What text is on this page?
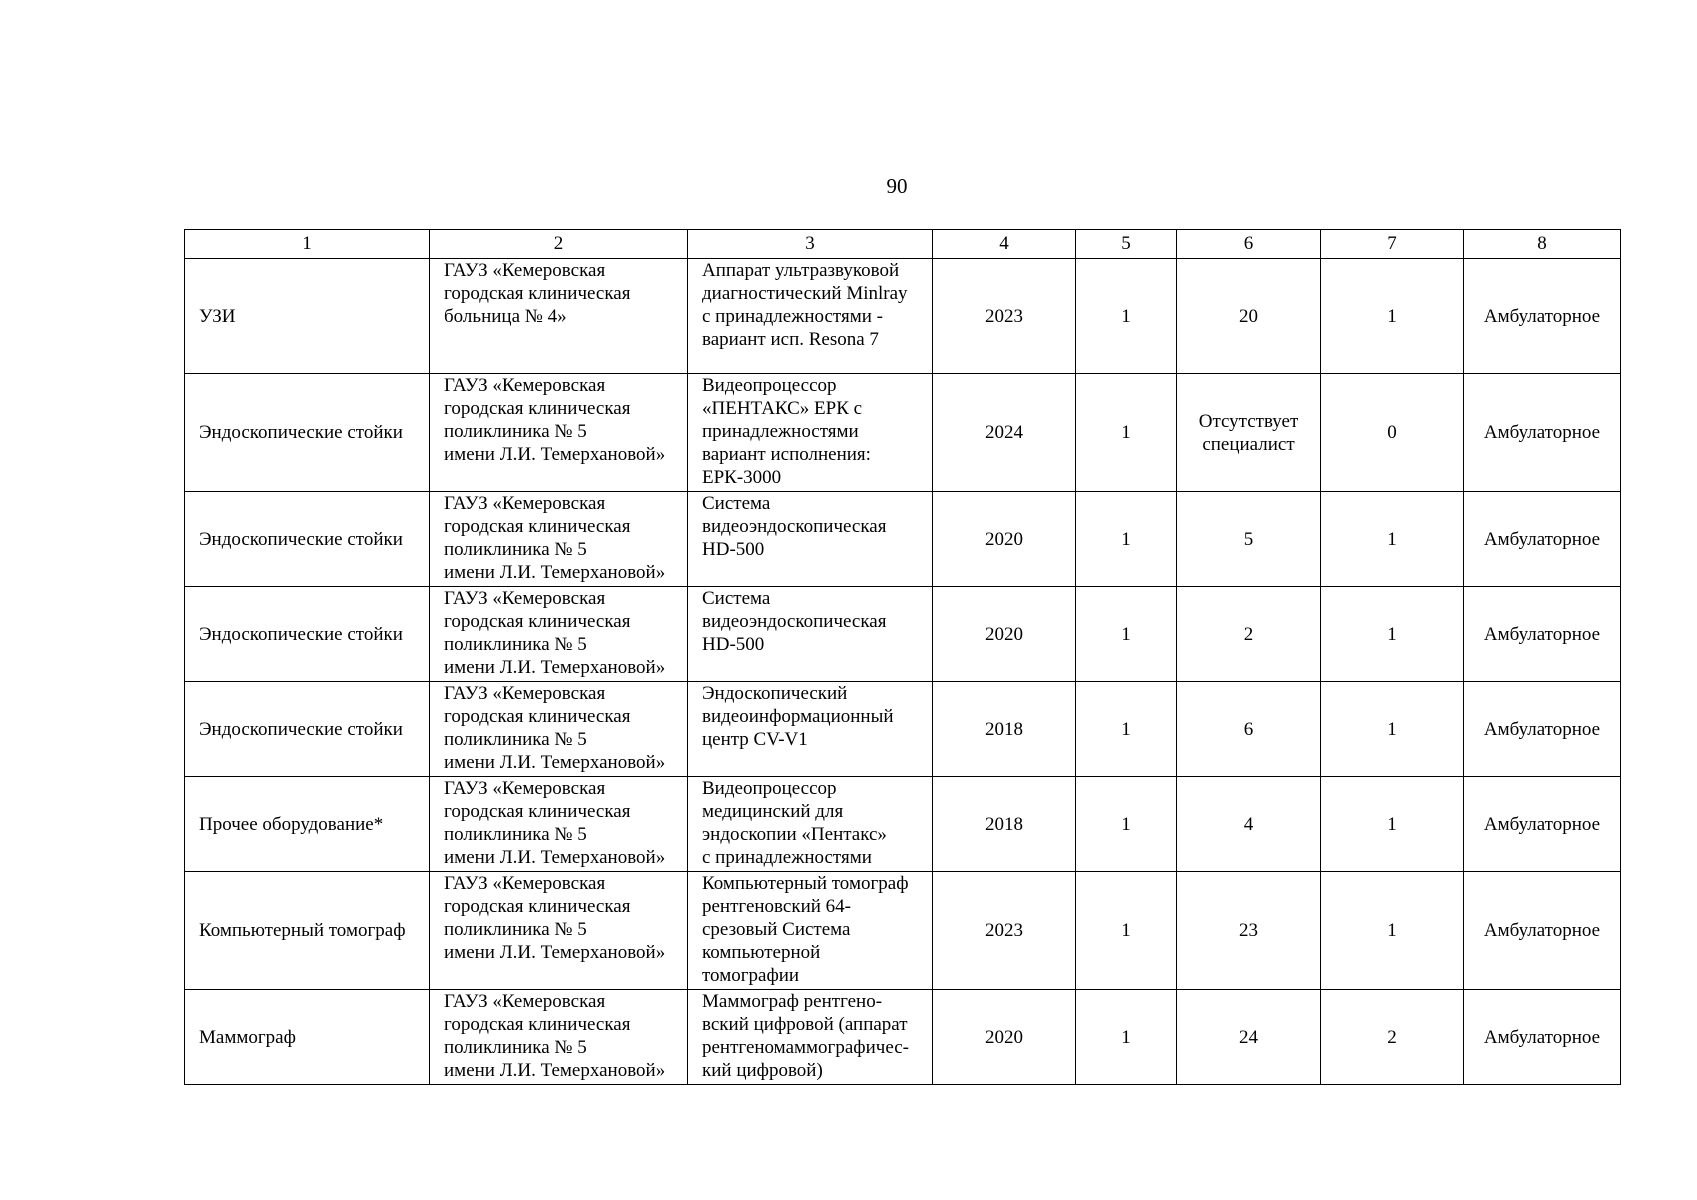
90
1	2	3	4	5	6	7	8
УЗИ	ГАУЗ «Кемеровская
городская клиническая
больница № 4»	Аппарат ультразвуковой
диагностический Minlray
с принадлежностями -
вариант исп. Resona 7	2023	1	20	1	Амбулаторное
Эндоскопические стойки	ГАУЗ «Кемеровская
городская клиническая
поликлиника № 5
имени Л.И. Темерхановой»	Видеопроцессор
«ПЕНТАКС» ЕРК с
принадлежностями
вариант исполнения:
ЕРК-3000	2024	1	Отсутствует
специалист	0	Амбулаторное
Эндоскопические стойки	ГАУЗ «Кемеровская
городская клиническая
поликлиника № 5
имени Л.И. Темерхановой»	Система
видеоэндоскопическая
HD-500	2020	1	5	1	Амбулаторное
Эндоскопические стойки	ГАУЗ «Кемеровская
городская клиническая
поликлиника № 5
имени Л.И. Темерхановой»	Система
видеоэндоскопическая
HD-500	2020	1	2	1	Амбулаторное
Эндоскопические стойки	ГАУЗ «Кемеровская
городская клиническая
поликлиника № 5
имени Л.И. Темерхановой»	Эндоскопический
видеоинформационный
центр CV-V1	2018	1	6	1	Амбулаторное
Прочее оборудование*	ГАУЗ «Кемеровская
городская клиническая
поликлиника № 5
имени Л.И. Темерхановой»	Видеопроцессор
медицинский для
эндоскопии «Пентакс»
с принадлежностями	2018	1	4	1	Амбулаторное
Компьютерный томограф	ГАУЗ «Кемеровская
городская клиническая
поликлиника № 5
имени Л.И. Темерхановой»	Компьютерный томограф
рентгеновский 64-
срезовый Система
компьютерной
томографии	2023	1	23	1	Амбулаторное
Маммограф	ГАУЗ «Кемеровская
городская клиническая
поликлиника № 5
имени Л.И. Темерхановой»	Маммограф рентгено-
вский цифровой (аппарат
рентгеномаммографичес-
кий цифровой)	2020	1	24	2	Амбулаторное
